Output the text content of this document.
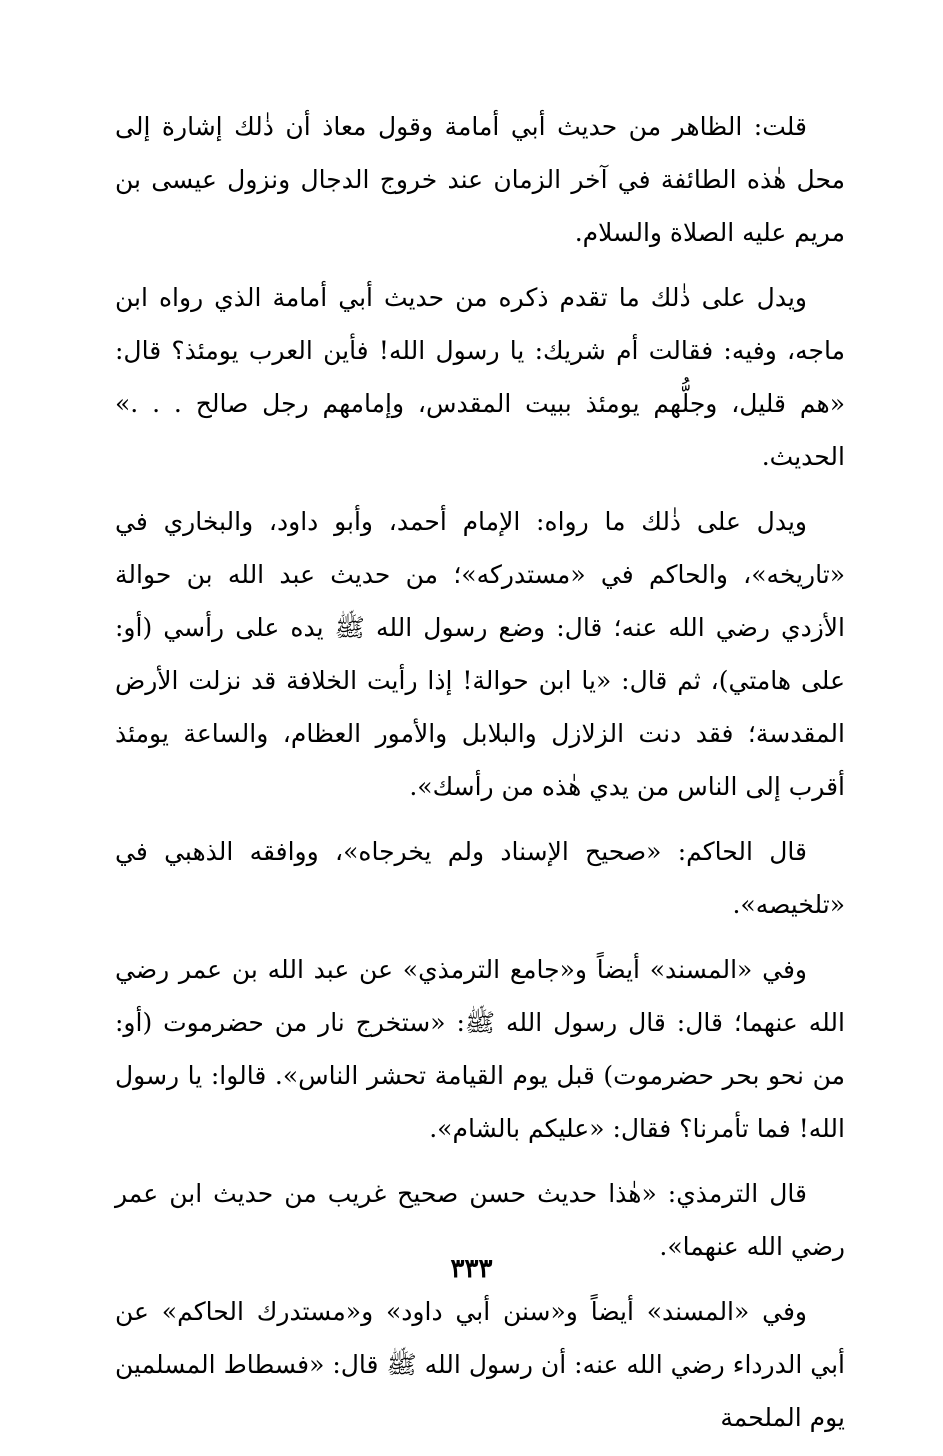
قلت: الظاهر من حديث أبي أمامة وقول معاذ أن ذٰلك إشارة إلى محل هٰذه الطائفة في آخر الزمان عند خروج الدجال ونزول عيسى بن مريم عليه الصلاة والسلام.

ويدل على ذٰلك ما تقدم ذكره من حديث أبي أمامة الذي رواه ابن ماجه، وفيه: فقالت أم شريك: يا رسول الله! فأين العرب يومئذ؟ قال: «هم قليل، وجلُّهم يومئذ ببيت المقدس، وإمامهم رجل صالح . . .» الحديث.

ويدل على ذٰلك ما رواه: الإمام أحمد، وأبو داود، والبخاري في «تاريخه»، والحاكم في «مستدركه»؛ من حديث عبد الله بن حوالة الأزدي رضي الله عنه؛ قال: وضع رسول الله ﷺ يده على رأسي (أو: على هامتي)، ثم قال: «يا ابن حوالة! إذا رأيت الخلافة قد نزلت الأرض المقدسة؛ فقد دنت الزلازل والبلابل والأمور العظام، والساعة يومئذ أقرب إلى الناس من يدي هٰذه من رأسك».

قال الحاكم: «صحيح الإسناد ولم يخرجاه»، ووافقه الذهبي في «تلخيصه».

وفي «المسند» أيضاً و«جامع الترمذي» عن عبد الله بن عمر رضي الله عنهما؛ قال: قال رسول الله ﷺ: «ستخرج نار من حضرموت (أو: من نحو بحر حضرموت) قبل يوم القيامة تحشر الناس». قالوا: يا رسول الله! فما تأمرنا؟ فقال: «عليكم بالشام».

قال الترمذي: «هٰذا حديث حسن صحيح غريب من حديث ابن عمر رضي الله عنهما».

وفي «المسند» أيضاً و«سنن أبي داود» و«مستدرك الحاكم» عن أبي الدرداء رضي الله عنه: أن رسول الله ﷺ قال: «فسطاط المسلمين يوم الملحمة

٣٣٣
